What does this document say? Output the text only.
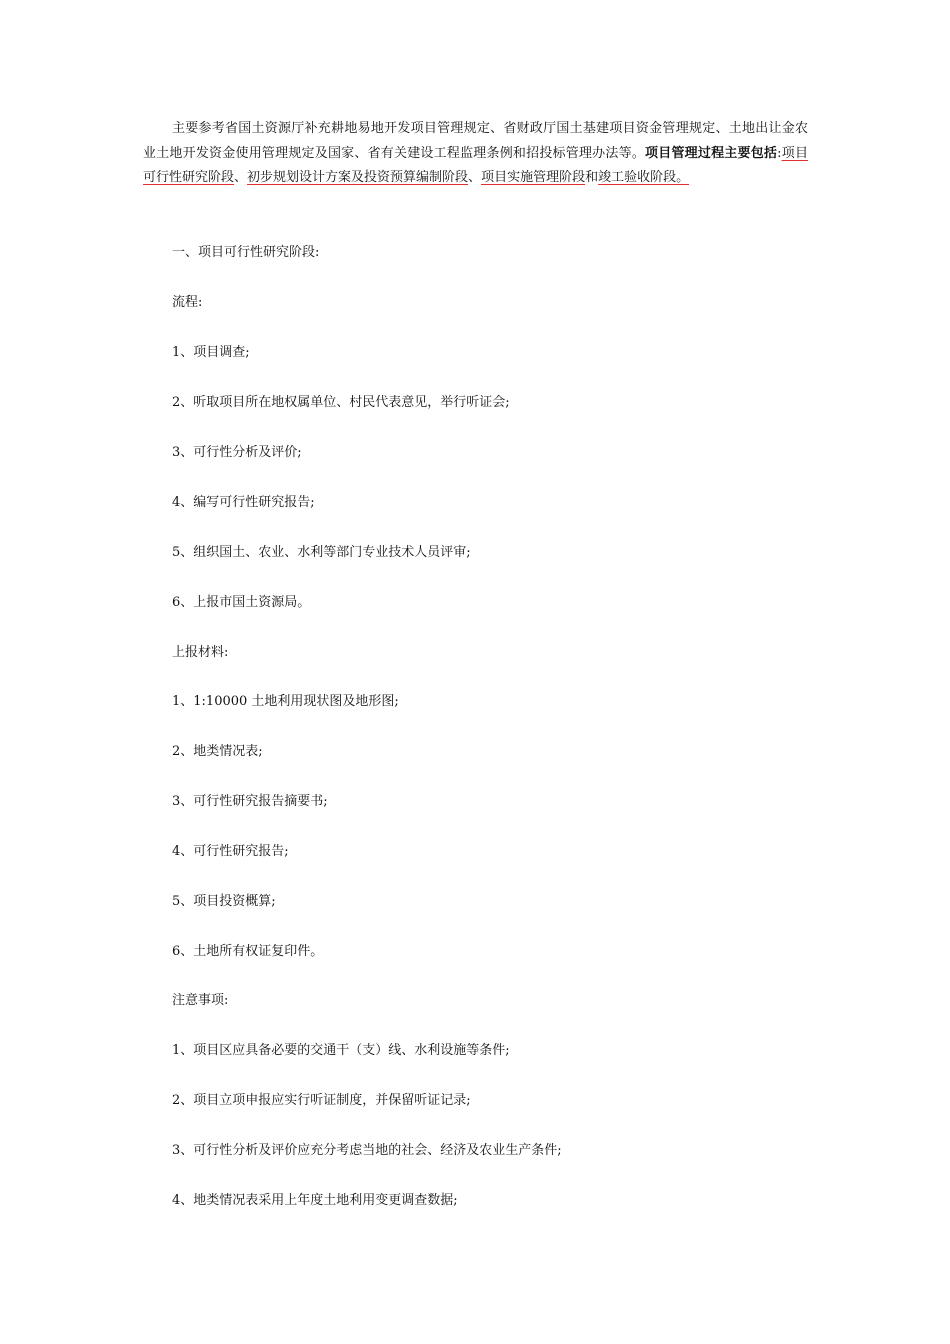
主要参考省国土资源厅补充耕地易地开发项目管理规定、省财政厅国土基建项目资金管理规定、土地出让金农业土地开发资金使用管理规定及国家、省有关建设工程监理条例和招投标管理办法等。项目管理过程主要包括:项目可行性研究阶段、初步规划设计方案及投资预算编制阶段、项目实施管理阶段和竣工验收阶段。

一、项目可行性研究阶段:

流程:

1、项目调查;

2、听取项目所在地权属单位、村民代表意见，举行听证会;

3、可行性分析及评价;

4、编写可行性研究报告;

5、组织国土、农业、水利等部门专业技术人员评审;

6、上报市国土资源局。

上报材料:

1、1:10000 土地利用现状图及地形图;

2、地类情况表;

3、可行性研究报告摘要书;

4、可行性研究报告;

5、项目投资概算;

6、土地所有权证复印件。

注意事项:

1、项目区应具备必要的交通干（支）线、水利设施等条件;

2、项目立项申报应实行听证制度，并保留听证记录;

3、可行性分析及评价应充分考虑当地的社会、经济及农业生产条件;

4、地类情况表采用上年度土地利用变更调查数据;
